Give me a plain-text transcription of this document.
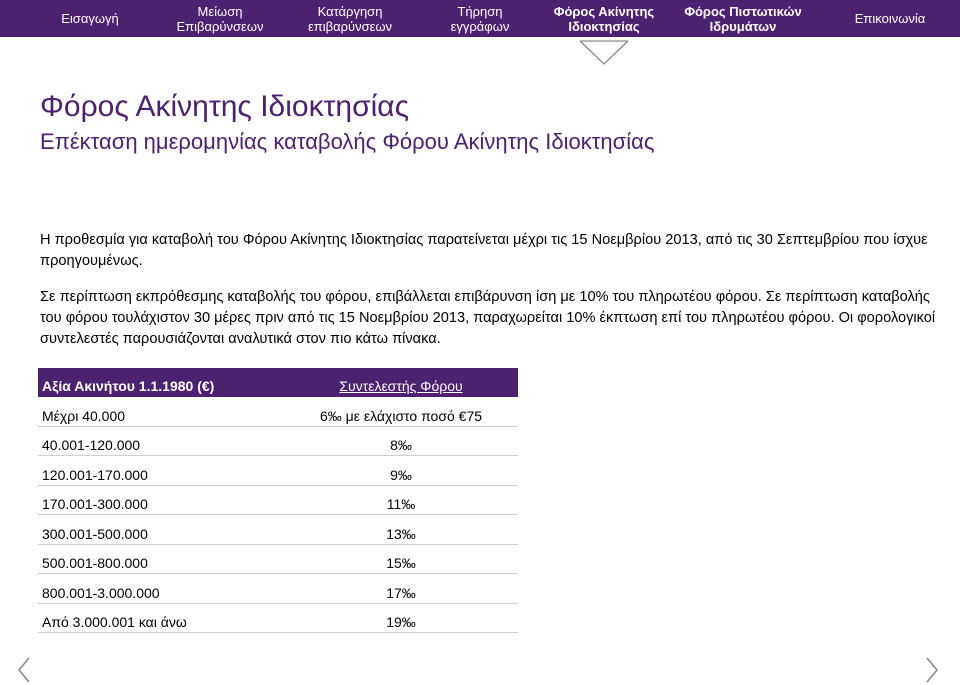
Εισαγωγή	Μείωση
Επιβαρύνσεων
Κατάργηση
επιβαρύνσεων
Τήρηση
εγγράφων
Φόρος Ακίνητης
Ιδιοκτησίας
Φόρος Πιστωτικών
Ιδρυμάτων	Επικοινωνία
Φόρος Ακίνητης Ιδιοκτησίας
Επέκταση ημερομηνίας καταβολής Φόρου Ακίνητης Ιδιοκτησίας

Η προθεσμία για καταβολή του Φόρου Ακίνητης Ιδιοκτησίας παρατείνεται μέχρι τις 15 Νοεμβρίου 2013, από τις 30 Σεπτεμβρίου που ίσχυε προηγουμένως.

Σε περίπτωση εκπρόθεσμης καταβολής του φόρου, επιβάλλεται επιβάρυνση ίση με 10% του πληρωτέου φόρου. Σε περίπτωση καταβολής του φόρου τουλάχιστον 30 μέρες πριν από τις 15 Νοεμβρίου 2013, παραχωρείται 10% έκπτωση επί του πληρωτέου φόρου. Οι φορολογικοί συντελεστές παρουσιάζονται αναλυτικά στον πιο κάτω πίνακα.

Αξία Ακινήτου 1.1.1980 (€)	Συντελεστής Φόρου
Μέχρι 40.000	6‰ με ελάχιστο ποσό €75
40.001-120.000	8‰
120.001-170.000	9‰
170.001-300.000	11‰
300.001-500.000	13‰
500.001-800.000	15‰
800.001-3.000.000	17‰
Από 3.000.001 και άνω	19‰
